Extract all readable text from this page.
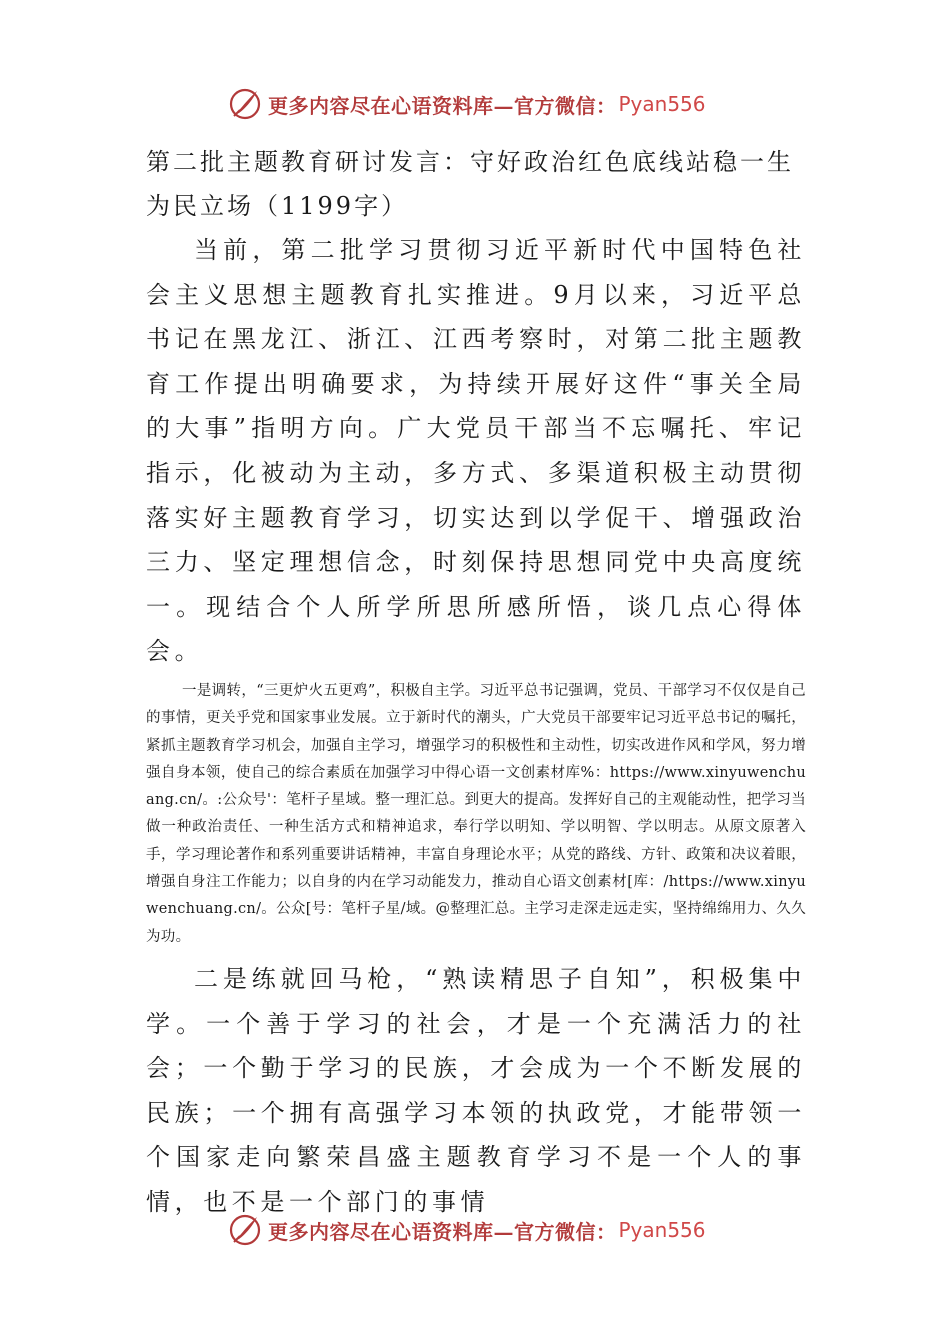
更多内容尽在心语资料库—官方微信： Pyan556
第二批主题教育研讨发言：守好政治红色底线站稳一生为民立场（1199字）

当前，第二批学习贯彻习近平新时代中国特色社会主义思想主题教育扎实推进。9月以来，习近平总书记在黑龙江、浙江、江西考察时，对第二批主题教育工作提出明确要求，为持续开展好这件“事关全局的大事”指明方向。广大党员干部当不忘嘱托、牢记指示，化被动为主动，多方式、多渠道积极主动贯彻落实好主题教育学习，切实达到以学促干、增强政治三力、坚定理想信念，时刻保持思想同党中央高度统一。现结合个人所学所思所感所悟，谈几点心得体会。

一是调转，“三更炉火五更鸡”，积极自主学。习近平总书记强调，党员、干部学习不仅仅是自己的事情，更关乎党和国家事业发展。立于新时代的潮头，广大党员干部要牢记习近平总书记的嘱托，紧抓主题教育学习机会，加强自主学习，增强学习的积极性和主动性，切实改进作风和学风，努力增强自身本领，使自己的综合素质在加强学习中得心语一文创素材库%：https://www.xinyuwenchuang.cn/。:公众号'：笔杆子星域。整一理汇总。到更大的提高。发挥好自己的主观能动性，把学习当做一种政治责任、一种生活方式和精神追求，奉行学以明知、学以明智、学以明志。从原文原著入手，学习理论著作和系列重要讲话精神，丰富自身理论水平；从党的路线、方针、政策和决议着眼，增强自身注工作能力；以自身的内在学习动能发力，推动自心语文创素材[库：/https://www.xinyuwenchuang.cn/。公众[号：笔杆子星/域。@整理汇总。主学习走深走远走实，坚持绵绵用力、久久为功。

二是练就回马枪，“熟读精思子自知”，积极集中学。一个善于学习的社会，才是一个充满活力的社会；一个勤于学习的民族，才会成为一个不断发展的民族；一个拥有高强学习本领的执政党，才能带领一个国家走向繁荣昌盛主题教育学习不是一个人的事情，也不是一个部门的事情

更多内容尽在心语资料库—官方微信： Pyan556
